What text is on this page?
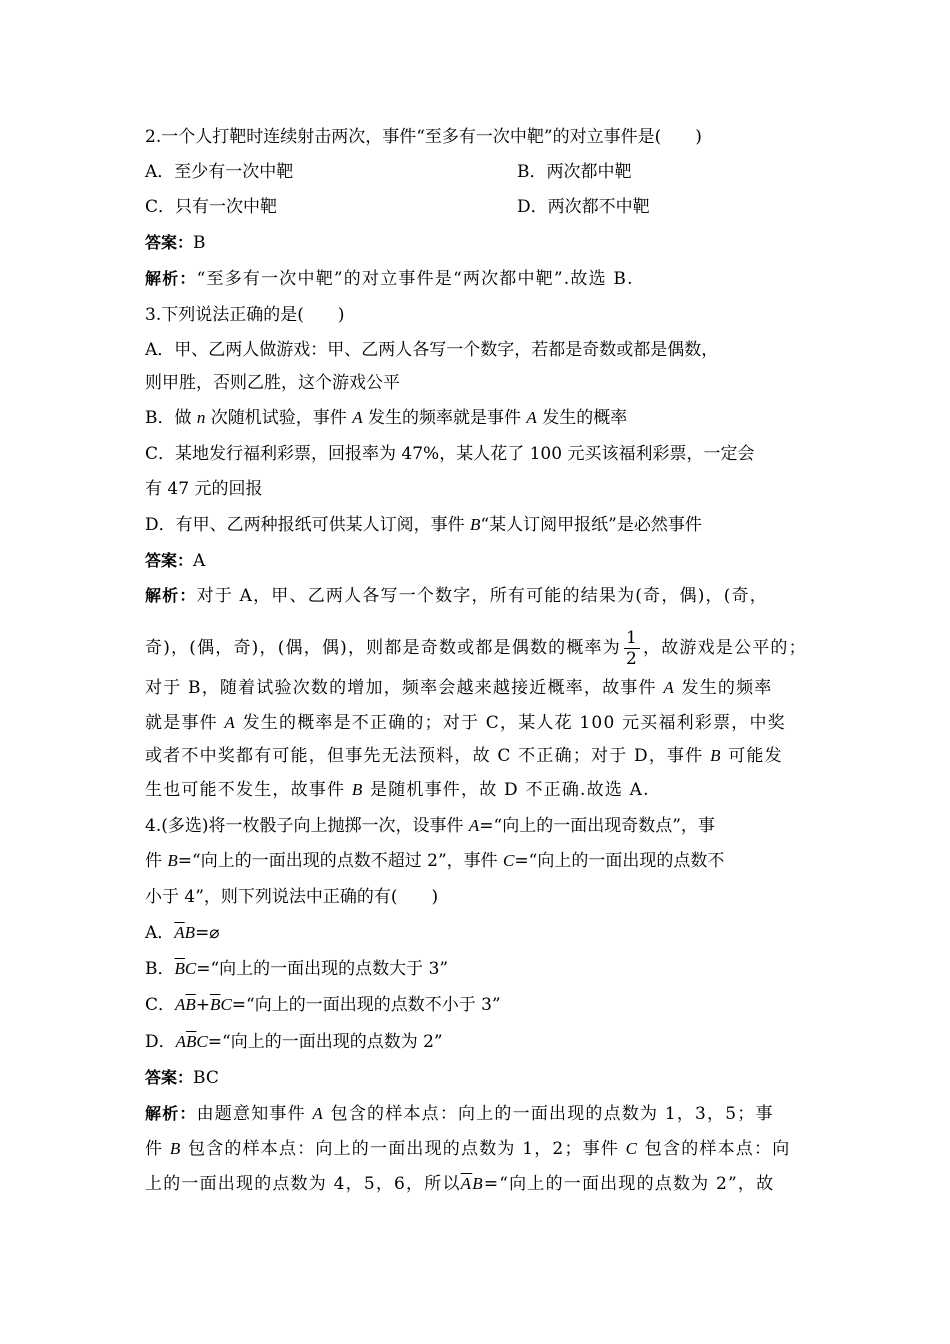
2.一个人打靶时连续射击两次，事件“至多有一次中靶”的对立事件是(　　)
A．至少有一次中靶	B．两次都中靶
C．只有一次中靶	D．两次都不中靶
答案：B
解析：“至多有一次中靶”的对立事件是“两次都中靶”.故选 B.
3.下列说法正确的是(　　)
A．甲、乙两人做游戏：甲、乙两人各写一个数字，若都是奇数或都是偶数，
则甲胜，否则乙胜，这个游戏公平
B．做 n 次随机试验，事件 A 发生的频率就是事件 A 发生的概率
C．某地发行福利彩票，回报率为 47%，某人花了 100 元买该福利彩票，一定会
有 47 元的回报
D．有甲、乙两种报纸可供某人订阅，事件 B“某人订阅甲报纸”是必然事件
答案：A
解析：对于 A，甲、乙两人各写一个数字，所有可能的结果为(奇，偶)，(奇，
奇)，(偶，奇)，(偶，偶)，则都是奇数或都是偶数的概率为 $\frac{1}{2}$ ，故游戏是公平的；
对于 B，随着试验次数的增加，频率会越来越接近概率，故事件 A 发生的频率
就是事件 A 发生的概率是不正确的；对于 C，某人花 100 元买福利彩票，中奖
或者不中奖都有可能，但事先无法预料，故 C 不正确；对于 D，事件 B 可能发
生也可能不发生，故事件 B 是随机事件，故 D 不正确.故选 A.
4.(多选)将一枚骰子向上抛掷一次，设事件 A=“向上的一面出现奇数点”，事
件 B=“向上的一面出现的点数不超过 2”，事件 C=“向上的一面出现的点数不
小于 4”，则下列说法中正确的有(　　)
A．$\overline{A}B=⌀$
B．$\overline{B}C=“$向上的一面出现的点数大于 3”
C．$A\overline{B}+\overline{B}C=“$向上的一面出现的点数不小于 3”
D．$A\overline{B}C=“$向上的一面出现的点数为 2”
答案：BC
解析：由题意知事件 A 包含的样本点：向上的一面出现的点数为 1，3，5；事
件 B 包含的样本点：向上的一面出现的点数为 1，2；事件 C 包含的样本点：向
上的一面出现的点数为 4，5，6，所以$\overline{A}B=“$向上的一面出现的点数为 2”，故
